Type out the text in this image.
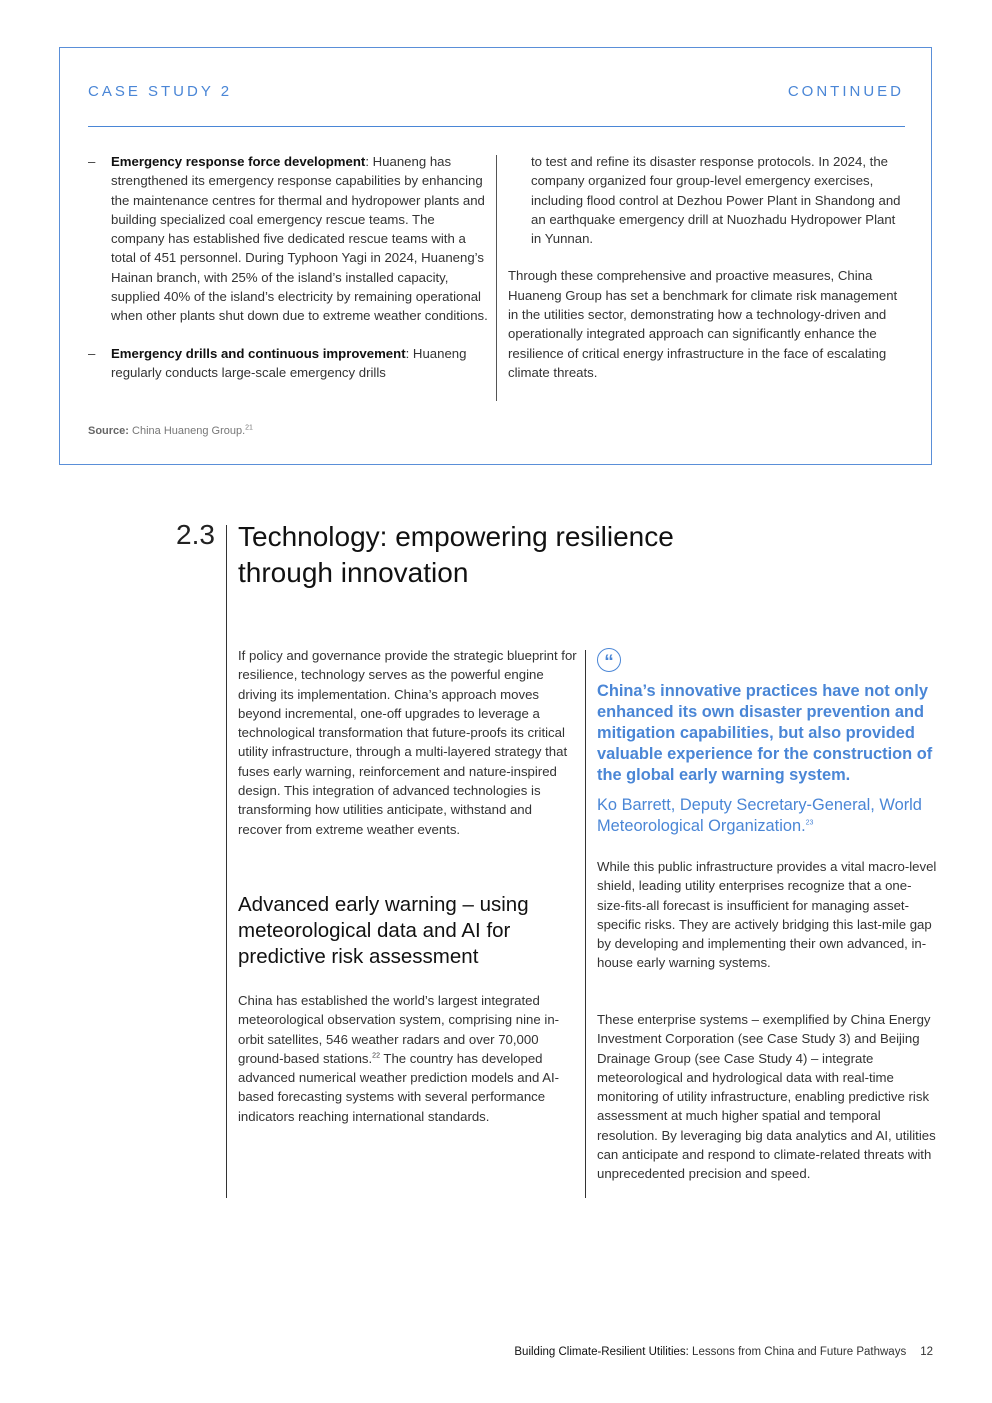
CASE STUDY 2	CONTINUED
– Emergency response force development: Huaneng has strengthened its emergency response capabilities by enhancing the maintenance centres for thermal and hydropower plants and building specialized coal emergency rescue teams. The company has established five dedicated rescue teams with a total of 451 personnel. During Typhoon Yagi in 2024, Huaneng’s Hainan branch, with 25% of the island’s installed capacity, supplied 40% of the island’s electricity by remaining operational when other plants shut down due to extreme weather conditions.
– Emergency drills and continuous improvement: Huaneng regularly conducts large-scale emergency drills
to test and refine its disaster response protocols. In 2024, the company organized four group-level emergency exercises, including flood control at Dezhou Power Plant in Shandong and an earthquake emergency drill at Nuozhadu Hydropower Plant in Yunnan.
Through these comprehensive and proactive measures, China Huaneng Group has set a benchmark for climate risk management in the utilities sector, demonstrating how a technology-driven and operationally integrated approach can significantly enhance the resilience of critical energy infrastructure in the face of escalating climate threats.
Source: China Huaneng Group.$^{21}$
2.3 Technology: empowering resilience through innovation
If policy and governance provide the strategic blueprint for resilience, technology serves as the powerful engine driving its implementation. China’s approach moves beyond incremental, one-off upgrades to leverage a technological transformation that future-proofs its critical utility infrastructure, through a multi-layered strategy that fuses early warning, reinforcement and nature-inspired design. This integration of advanced technologies is transforming how utilities anticipate, withstand and recover from extreme weather events.
Advanced early warning – using meteorological data and AI for predictive risk assessment
China has established the world’s largest integrated meteorological observation system, comprising nine in-orbit satellites, 546 weather radars and over 70,000 ground-based stations.$^{22}$ The country has developed advanced numerical weather prediction models and AI-based forecasting systems with several performance indicators reaching international standards.
“
China’s innovative practices have not only enhanced its own disaster prevention and mitigation capabilities, but also provided valuable experience for the construction of the global early warning system.
Ko Barrett, Deputy Secretary-General, World Meteorological Organization.$^{23}$
While this public infrastructure provides a vital macro-level shield, leading utility enterprises recognize that a one-size-fits-all forecast is insufficient for managing asset-specific risks. They are actively bridging this last-mile gap by developing and implementing their own advanced, in-house early warning systems.
These enterprise systems – exemplified by China Energy Investment Corporation (see Case Study 3) and Beijing Drainage Group (see Case Study 4) – integrate meteorological and hydrological data with real-time monitoring of utility infrastructure, enabling predictive risk assessment at much higher spatial and temporal resolution. By leveraging big data analytics and AI, utilities can anticipate and respond to climate-related threats with unprecedented precision and speed.
Building Climate-Resilient Utilities: Lessons from China and Future Pathways 12
